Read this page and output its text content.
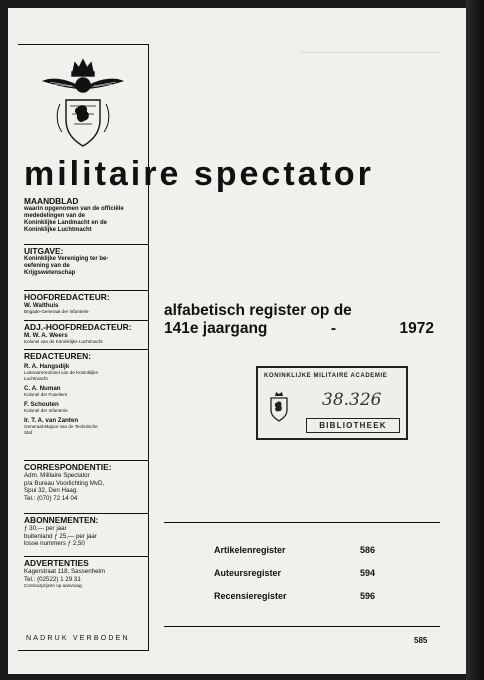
militaire spectator
MAANDBLAD
waarin opgenomen van de officiële
mededelingen van de
Koninklijke Landmacht en de
Koninklijke Luchtmacht
UITGAVE:
Koninklijke Vereniging ter be-
oefening van de
Krijgswetenschap
HOOFDREDACTEUR:
W. Walthuis
Brigade-Generaal der Infanterie
ADJ.-HOOFDREDACTEUR:
M. W. A. Weers
Kolonel van de Koninklijke Luchtmacht
REDACTEUREN:
R. A. Hangsdijk
Luitenant-Kolonel van de Koninklijke
Luchtmacht
C. A. Numan
Kolonel der Fuseliers
F. Schouten
Kolonel der Infanterie
Ir. T. A. van Zanten
Generaal-Majoor van de Technische
Staf
CORRESPONDENTIE:
Adm. Militaire Spectator
p/a Bureau Voorlichting MvD,
Spui 32, Den Haag.
Tel.: (070) 72 14 04
ABONNEMENTEN:
ƒ 30,— per jaar
buitenland ƒ 25,— per jaar
losse nummers ƒ 2,50
ADVERTENTIES
Kagerstraat 118, Sassenheim
Tel.: (02522) 1 29 31
Contractprijzen op aanvraag
NADRUK VERBODEN
alfabetisch register op de
141e jaargang	-	1972
KONINKLIJKE MILITAIRE ACADEMIE
38.326
BIBLIOTHEEK
Artikelenregister	586
Auteursregister	594
Recensieregister	596
585
